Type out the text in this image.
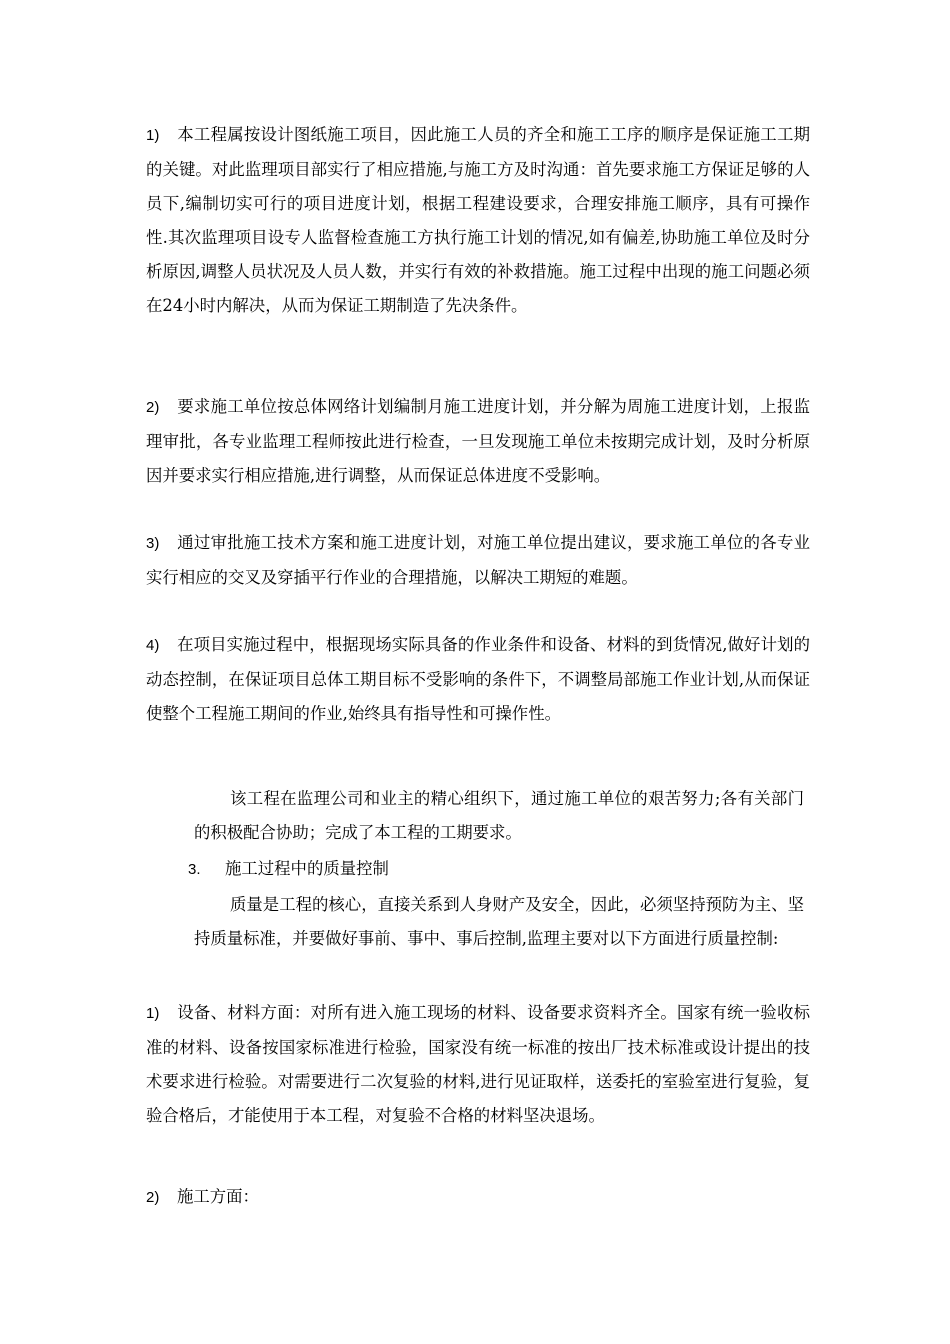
1) 本工程属按设计图纸施工项目，因此施工人员的齐全和施工工序的顺序是保证施工工期的关键。对此监理项目部实行了相应措施,与施工方及时沟通：首先要求施工方保证足够的人员下,编制切实可行的项目进度计划，根据工程建设要求，合理安排施工顺序，具有可操作性.其次监理项目设专人监督检查施工方执行施工计划的情况,如有偏差,协助施工单位及时分析原因,调整人员状况及人员人数，并实行有效的补救措施。施工过程中出现的施工问题必须在24小时内解决，从而为保证工期制造了先决条件。
2) 要求施工单位按总体网络计划编制月施工进度计划，并分解为周施工进度计划，上报监理审批，各专业监理工程师按此进行检查，一旦发现施工单位未按期完成计划，及时分析原因并要求实行相应措施,进行调整，从而保证总体进度不受影响。
3) 通过审批施工技术方案和施工进度计划，对施工单位提出建议，要求施工单位的各专业实行相应的交叉及穿插平行作业的合理措施，以解决工期短的难题。
4) 在项目实施过程中，根据现场实际具备的作业条件和设备、材料的到货情况,做好计划的动态控制，在保证项目总体工期目标不受影响的条件下，不调整局部施工作业计划,从而保证使整个工程施工期间的作业,始终具有指导性和可操作性。
该工程在监理公司和业主的精心组织下，通过施工单位的艰苦努力;各有关部门的积极配合协助；完成了本工程的工期要求。
3. 施工过程中的质量控制
质量是工程的核心，直接关系到人身财产及安全，因此，必须坚持预防为主、坚持质量标准，并要做好事前、事中、事后控制,监理主要对以下方面进行质量控制:
1) 设备、材料方面：对所有进入施工现场的材料、设备要求资料齐全。国家有统一验收标准的材料、设备按国家标准进行检验，国家没有统一标准的按出厂技术标准或设计提出的技术要求进行检验。对需要进行二次复验的材料,进行见证取样，送委托的室验室进行复验，复验合格后，才能使用于本工程，对复验不合格的材料坚决退场。
2) 施工方面：
